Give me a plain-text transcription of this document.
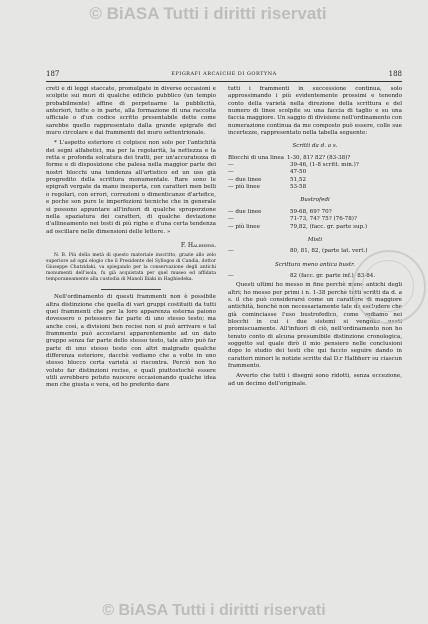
© BiASA Tutti i diritti riservati
187	EPIGRAFI ARCAICHE DI GORTYNA	188

creti e di leggi staccate, promulgate in diverse occasioni e scolpite sui muri di qualche edificio pubblico (un tempio probabilmente) affine di perpetuarne la pubblicità, anteriori, tutte o in parte, alla formazione di una raccolta ufficiale o d'un codice scritto presentabile dette come sarebbe quello rappresentato dalla grande epigrafe del muro circolare e dai frammenti del muro settentrionale.

* L'aspetto esteriore ci colpisce non solo per l'antichità dei segni alfabetici, ma per la regolarità, la nettezza e la retta e profonda solcatura dei tratti, per un'accuratezza di forme e di disposizione che palesa nella maggior parte dei nostri blocchi una tendenza all'artistico ed un uso già progredito della scrittura monumentale. Rare sono le epigrafi vergate da mano inesperta, con caratteri men belli o regolari, con errori, correzioni o dimenticanze d'artefice, e poche son pure le imperfezioni tecniche che in generale si possono appuntare all'infuori di qualche sproporzione nella spaziatura dei caratteri, di qualche deviazione d'allineamento nei testi di più righe e d'una certa tendenza ad oscillare nelle dimensioni delle lettere. »

F. Halbherr.

N. B. Più della metà di questo materiale inscritto, grazie allo zelo superiore ad ogni elogio che il Presidente del Syllogos di Candia, dottor Giuseppe Chatzidaki, va spiegando per la conservazione degli antichi monumenti dell'isola, fu già acquistata per quel museo ed affidata temporaneamente alla custodia di Manoli Iliaki in Haghiodeka.

Nell'ordinamento di questi frammenti non è possibile altra distinzione che quella di vari gruppi costituiti da tutti quei frammenti che per la loro apparenza esterna paiono dovessero o potessero far parte di uno stesso testo; ma anche così, a divisioni ben recise non si può arrivare e tal frammento può accostarsi apparentemente ad un dato gruppo senza far parte dello stesso testo, tale altro può far parte di uno stesso testo con altri malgrado qualche differenza esteriore, dacchè vediamo che a volte in uno stesso blocco certa varietà si riscontra. Perciò non ho voluto far distinzioni recise, e quali piuttostochè essere utili avrebbero potuto nuocere occasionando qualche idea men che giusta e vera, ed ho preferito dare

tutti i frammenti in successione continua, solo approssimando i più evidentemente prossimi e tenendo conto della varietà nella direzione della scrittura e del numero di linee scolpite su una faccia di taglio e su una faccia maggiore. Un saggio di divisione nell'ordinamento con numerazione continua da me composto può essere, colle sue incertezze, rappresentato nella tabella seguente:

Scritti da d. a s.

Blocchi di una linea 1-30, 81? 82? (83-38)?
—	39-46, (1-8 scritt. min.)?
—	47-50
— due linee	51,52
— più linee	53-58

Bustrofedi

— due linee	59-68, 69? 70?
—	71-73, 74? 75? (76-78)?
— più linee	79,82, (facc. gr. parte sup.)

Misti

—	80, 81, 82, (parte lat. vert.)

Scrittura meno antica bustr.

—	82 (facc. gr. parte inf.), 83-84.

Questi ultimi ho messo in fine perchè meno antichi degli altri; ho messo per primi i n. 1-38 perchè tutti scritti da d. a s. il che può considerarsi come un carattere di maggiore antichità, benchè non necessariamente tale da escludere che già cominciasse l'uso bustrofedico, come vediamo nei blocchi in cui i due sistemi si vengono usati promiscuamente. All'infuori di ciò, nell'ordinamento non ho tenuto conto di alcuna presumibile distinzione cronologica, soggetto sul quale dirò il mio pensiero nelle conclusioni dopo lo studio dei testi che qui faccio seguire dando in caratteri minori le notizie scritte dal D.r Halbherr su ciascun frammento.

Avverto che tutti i disegni sono ridotti, senza eccezione, ad un decimo dell'originale.

© BiASA Tutti i diritti riservati
